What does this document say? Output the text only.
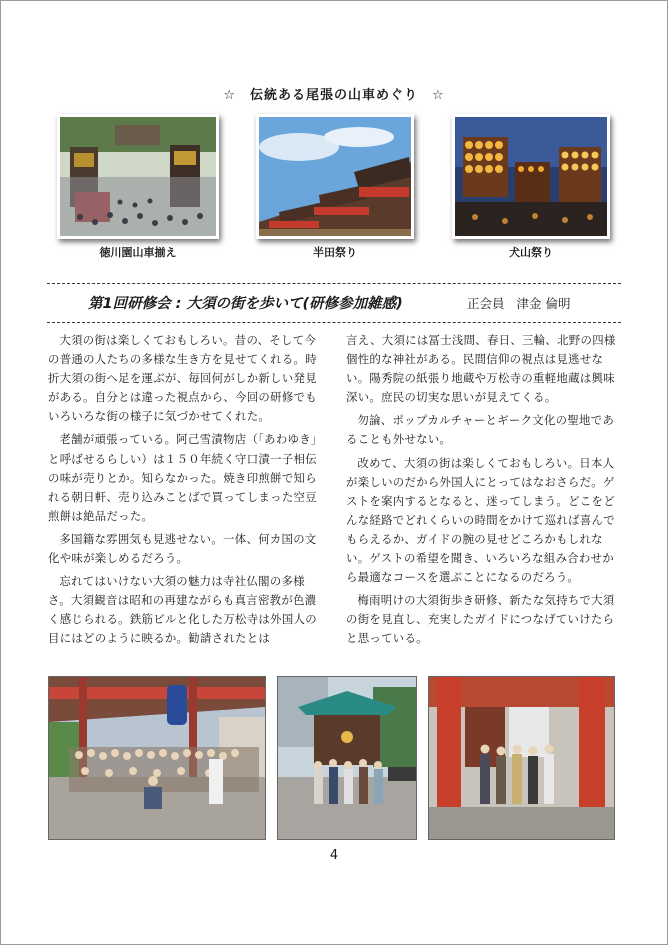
☆　伝統ある尾張の山車めぐり　☆
徳川園山車揃え	半田祭り	犬山祭り
第1回研修会 : 大須の街を歩いて(研修参加雑感)	正会員 津金 倫明

大須の街は楽しくておもしろい。昔の、そして今の普通の人たちの多様な生き方を見せてくれる。時折大須の街へ足を運ぶが、毎回何がしか新しい発見がある。自分とは違った視点から、今回の研修でもいろいろな街の様子に気づかせてくれた。

老舗が頑張っている。阿己雪漬物店（「あわゆき」と呼ばせるらしい）は１５０年続く守口漬一子相伝の味が売りとか。知らなかった。焼き印煎餅で知られる朝日軒、売り込みことばで買ってしまった空豆煎餅は絶品だった。

多国籍な雰囲気も見逃せない。一体、何カ国の文化や味が楽しめるだろう。

忘れてはいけない大須の魅力は寺社仏閣の多様さ。大須観音は昭和の再建ながらも真言密教が色濃く感じられる。鉄筋ビルと化した万松寺は外国人の目にはどのように映るか。勧請されたとは

言え、大須には冨士浅間、春日、三輪、北野の四様個性的な神社がある。民間信仰の視点は見逃せない。陽秀院の紙張り地蔵や万松寺の重軽地蔵は興味深い。庶民の切実な思いが見えてくる。

勿論、ポップカルチャーとギーク文化の聖地であることも外せない。

改めて、大須の街は楽しくておもしろい。日本人が楽しいのだから外国人にとってはなおさらだ。ゲストを案内するとなると、迷ってしまう。どこをどんな経路でどれくらいの時間をかけて巡れば喜んでもらえるか、ガイドの腕の見せどころかもしれない。ゲストの希望を聞き、いろいろな組み合わせから最適なコースを選ぶことになるのだろう。

梅雨明けの大須街歩き研修、新たな気持ちで大須の街を見直し、充実したガイドにつなげていけたらと思っている。

4
